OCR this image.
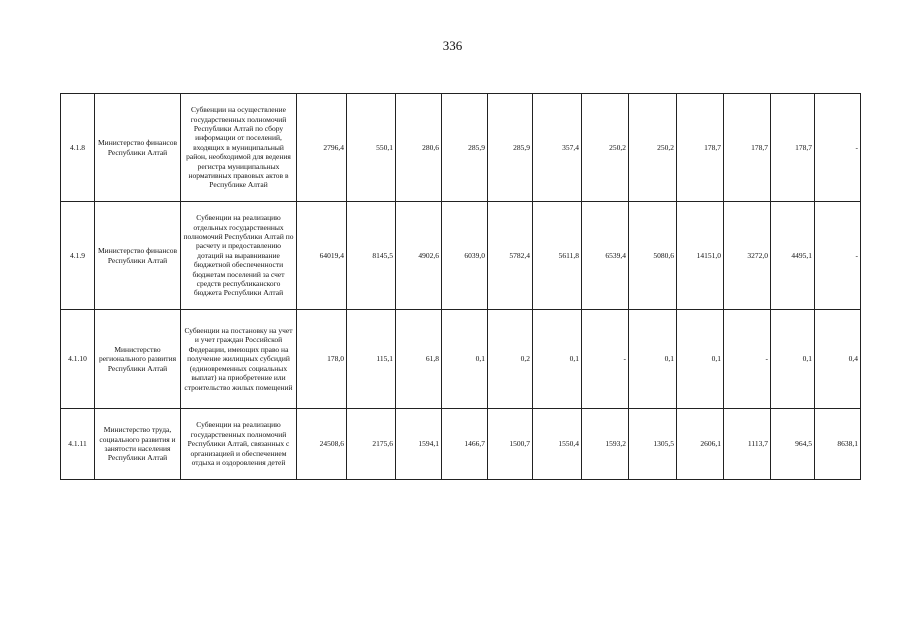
336
4.1.8	Министерство финансов Республики Алтай	Субвенции на осуществление государственных полномочий Республики Алтай по сбору информации от поселений, входящих в муниципальный район, необходимой для ведения регистра муниципальных нормативных правовых актов в Республике Алтай	2796,4	550,1	280,6	285,9	285,9	357,4	250,2	250,2	178,7	178,7	178,7	-
4.1.9	Министерство финансов Республики Алтай	Субвенции на реализацию отдельных государственных полномочий Республики Алтай по расчету и предоставлению дотаций на выравнивание бюджетной обеспеченности бюджетам поселений за счет средств республиканского бюджета Республики Алтай	64019,4	8145,5	4902,6	6039,0	5782,4	5611,8	6539,4	5080,6	14151,0	3272,0	4495,1	-
4.1.10	Министерство регионального развития Республики Алтай	Субвенции на постановку на учет и учет граждан Российской Федерации, имеющих право на получение жилищных субсидий (единовременных социальных выплат) на приобретение или строительство жилых помещений	178,0	115,1	61,8	0,1	0,2	0,1	-	0,1	0,1	-	0,1	0,4
4.1.11	Министерство труда, социального развития и занятости населения Республики Алтай	Субвенции на реализацию государственных полномочий Республики Алтай, связанных с организацией и обеспечением отдыха и оздоровления детей	24508,6	2175,6	1594,1	1466,7	1500,7	1550,4	1593,2	1305,5	2606,1	1113,7	964,5	8638,1
